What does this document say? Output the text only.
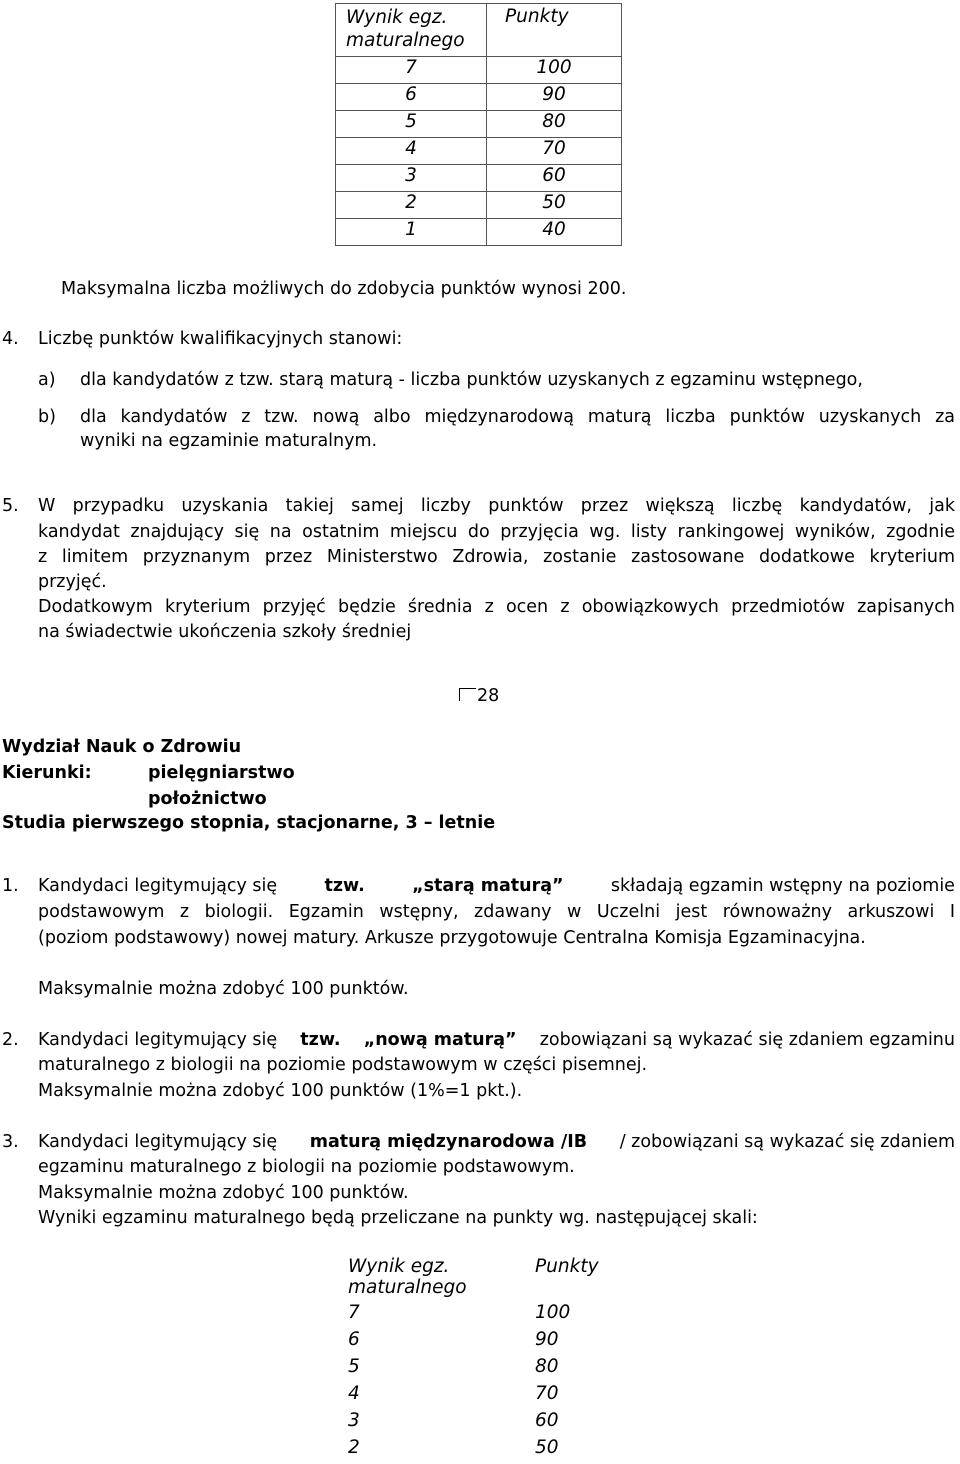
Wynik egz.
maturalnego	Punkty
7	100
6	90
5	80
4	70
3	60
2	50
1	40
Maksymalna liczba możliwych do zdobycia punktów wynosi 200.
4. Liczbę punktów kwalifikacyjnych stanowi:
a) dla kandydatów z tzw. starą maturą - liczba punktów uzyskanych z egzaminu wstępnego,
b) dla kandydatów z tzw. nową albo międzynarodową maturą liczba punktów uzyskanych za
wyniki na egzaminie maturalnym.
5. W przypadku uzyskania takiej samej liczby punktów przez większą liczbę kandydatów, jak
kandydat znajdujący się na ostatnim miejscu do przyjęcia wg. listy rankingowej wyników, zgodnie
z limitem przyznanym przez Ministerstwo Zdrowia, zostanie zastosowane dodatkowe kryterium
przyjęć.
Dodatkowym kryterium przyjęć będzie średnia z ocen z obowiązkowych przedmiotów zapisanych
na świadectwie ukończenia szkoły średniej
28
Wydział Nauk o Zdrowiu
Kierunki:	pielęgniarstwo
położnictwo
Studia pierwszego stopnia, stacjonarne, 3 – letnie
1. Kandydaci legitymujący się	tzw.	„starą maturą”	składają egzamin wstępny na poziomie
podstawowym z biologii. Egzamin wstępny, zdawany w Uczelni jest równoważny arkuszowi I
(poziom podstawowy) nowej matury. Arkusze przygotowuje Centralna Komisja Egzaminacyjna.
Maksymalnie można zdobyć 100 punktów.
2. Kandydaci legitymujący się tzw. „nową maturą” zobowiązani są wykazać się zdaniem egzaminu
maturalnego z biologii na poziomie podstawowym w części pisemnej.
Maksymalnie można zdobyć 100 punktów (1%=1 pkt.).
3. Kandydaci legitymujący się maturą międzynarodowa /IB / zobowiązani są wykazać się zdaniem
egzaminu maturalnego z biologii na poziomie podstawowym.
Maksymalnie można zdobyć 100 punktów.
Wyniki egzaminu maturalnego będą przeliczane na punkty wg. następującej skali:
Wynik egz.
maturalnego	Punkty
7	100
6	90
5	80
4	70
3	60
2	50
